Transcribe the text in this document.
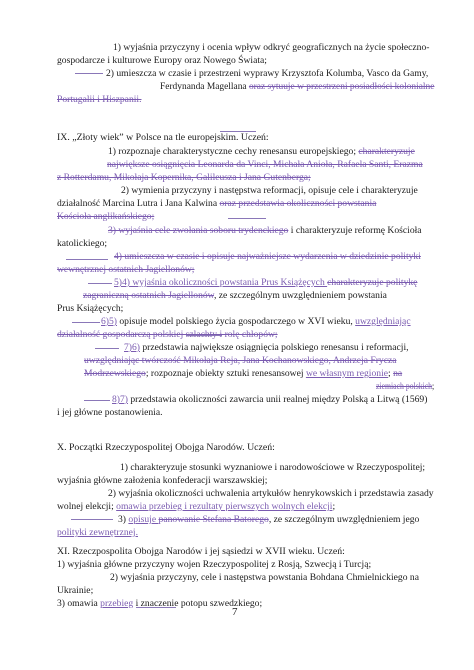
1) wyjaśnia przyczyny i ocenia wpływ odkryć geograficznych na życie społeczno-
gospodarcze i kulturowe Europy oraz Nowego Świata;
2) umieszcza w czasie i przestrzeni wyprawy Krzysztofa Kolumba, Vasco da Gamy,
Ferdynanda Magellana oraz sytuuje w przestrzeni posiadłości kolonialne
Portugalii i Hiszpanii.
IX. „Złoty wiek” w Polsce na tle europejskim. Uczeń:
1) rozpoznaje charakterystyczne cechy renesansu europejskiego; charakteryzuje
największe osiągnięcia Leonarda da Vinci, Michała Anioła, Rafaela Santi, Erazma
z Rotterdamu, Mikołaja Kopernika, Galileusza i Jana Gutenberga;
2) wymienia przyczyny i następstwa reformacji, opisuje cele i charakteryzuje
działalność Marcina Lutra i Jana Kalwina oraz przedstawia okoliczności powstania
Kościoła anglikańskiego;
3) wyjaśnia cele zwołania soboru trydenckiego i charakteryzuje reformę Kościoła
katolickiego;
4) umieszcza w czasie i opisuje najważniejsze wydarzenia w dziedzinie polityki
wewnętrznej ostatnich Jagiellonów;
5)4) wyjaśnia okoliczności powstania Prus Książęcych charakteryzuje politykę
zagraniczną ostatnich Jagiellonów, ze szczególnym uwzględnieniem powstania
Prus Książęcych;
6)5) opisuje model polskiego życia gospodarczego w XVI wieku, uwzględniając
działalność gospodarczą polskiej szlachty i rolę chłopów;
7)6) przedstawia największe osiągnięcia polskiego renesansu i reformacji,
uwzględniając twórczość Mikołaja Reja, Jana Kochanowskiego, Andrzeja Frycza
Modrzewskiego; rozpoznaje obiekty sztuki renesansowej we własnym regionie; na
ziemiach polskich;
8)7) przedstawia okoliczności zawarcia unii realnej między Polską a Litwą (1569)
i jej główne postanowienia.
X. Początki Rzeczypospolitej Obojga Narodów. Uczeń:
1) charakteryzuje stosunki wyznaniowe i narodowościowe w Rzeczypospolitej;
wyjaśnia główne założenia konfederacji warszawskiej;
2) wyjaśnia okoliczności uchwalenia artykułów henrykowskich i przedstawia zasady
wolnej elekcji; omawia przebieg i rezultaty pierwszych wolnych elekcji;
3) opisuje panowanie Stefana Batorego, ze szczególnym uwzględnieniem jego
polityki zewnętrznej.
XI. Rzeczpospolita Obojga Narodów i jej sąsiedzi w XVII wieku. Uczeń:
1) wyjaśnia główne przyczyny wojen Rzeczypospolitej z Rosją, Szwecją i Turcją;
2) wyjaśnia przyczyny, cele i następstwa powstania Bohdana Chmielnickiego na
Ukrainie;
3) omawia przebieg i znaczenie potopu szwedzkiego;
7
